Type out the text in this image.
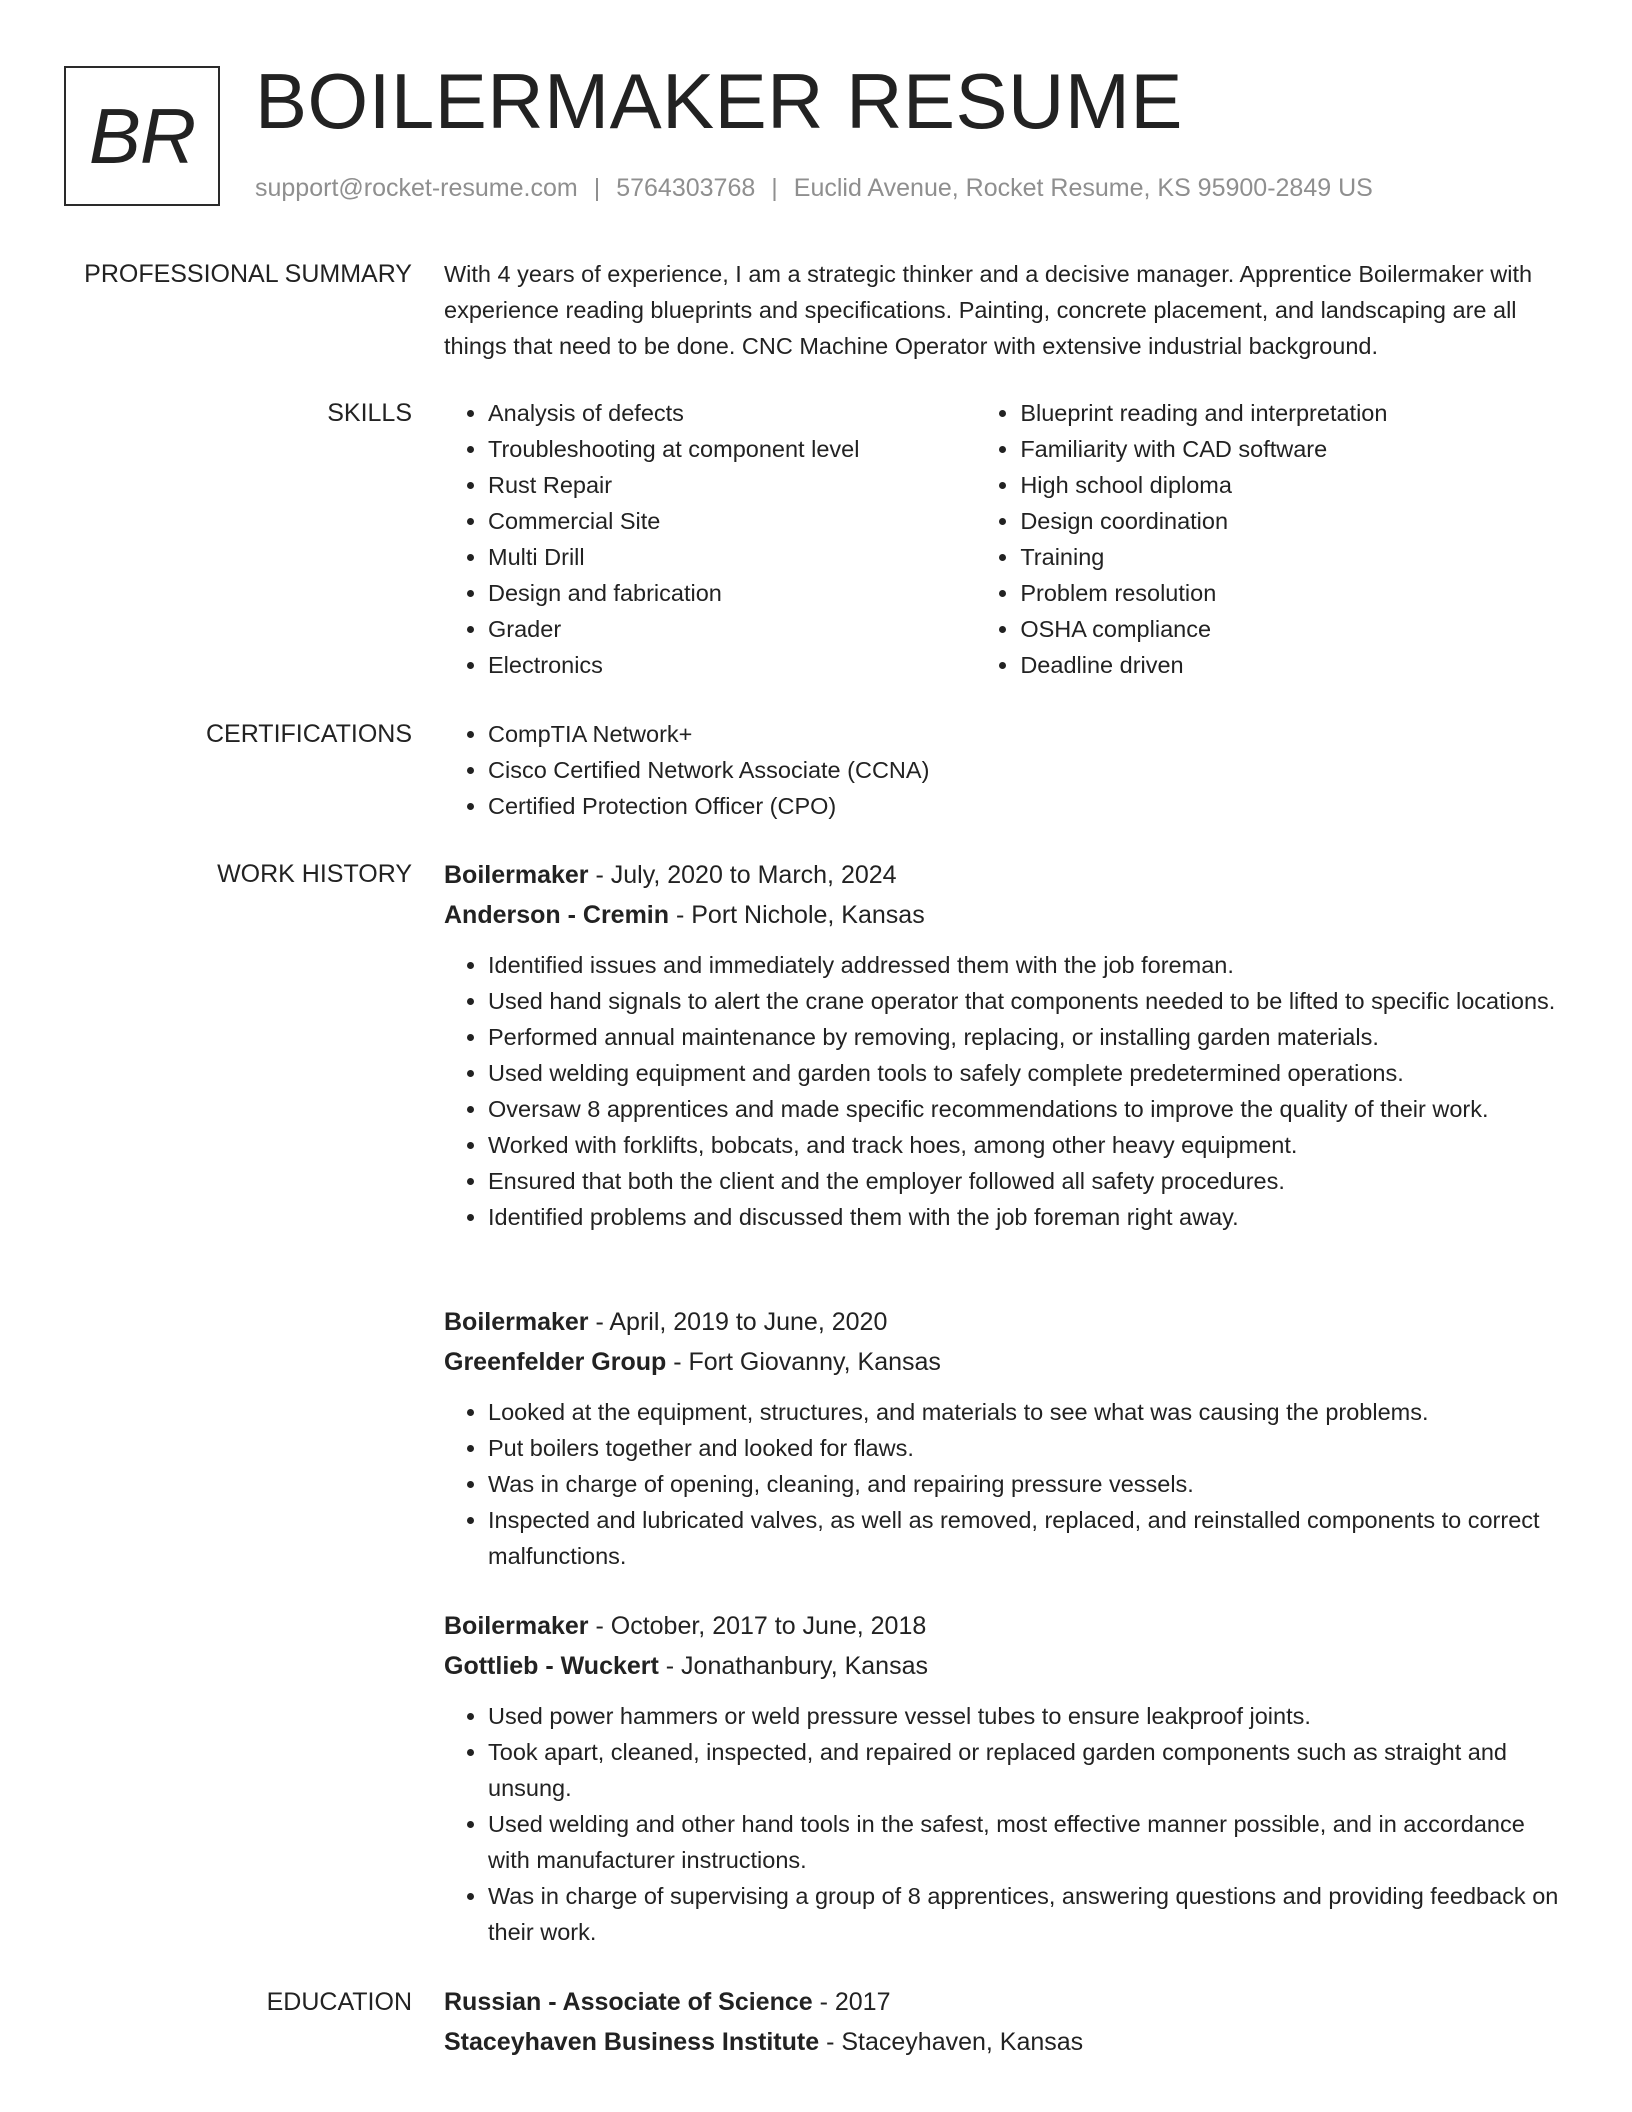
BR BOILERMAKER RESUME
support@rocket-resume.com | 5764303768 | Euclid Avenue, Rocket Resume, KS 95900-2849 US
PROFESSIONAL SUMMARY With 4 years of experience, I am a strategic thinker and a decisive manager. Apprentice Boilermaker with experience reading blueprints and specifications. Painting, concrete placement, and landscaping are all things that need to be done. CNC Machine Operator with extensive industrial background.
SKILLS	• Analysis of defects
• Troubleshooting at component level
• Rust Repair
• Commercial Site
• Multi Drill
• Design and fabrication
• Grader
• Electronics
• Blueprint reading and interpretation
• Familiarity with CAD software
• High school diploma
• Design coordination
• Training
• Problem resolution
• OSHA compliance
• Deadline driven
CERTIFICATIONS	• CompTIA Network+
• Cisco Certified Network Associate (CCNA)
• Certified Protection Officer (CPO)
WORK HISTORY Boilermaker - July, 2020 to March, 2024
Anderson - Cremin - Port Nichole, Kansas
• Identified issues and immediately addressed them with the job foreman.
• Used hand signals to alert the crane operator that components needed to be lifted to specific locations.
• Performed annual maintenance by removing, replacing, or installing garden materials.
• Used welding equipment and garden tools to safely complete predetermined operations.
• Oversaw 8 apprentices and made specific recommendations to improve the quality of their work.
• Worked with forklifts, bobcats, and track hoes, among other heavy equipment.
• Ensured that both the client and the employer followed all safety procedures.
• Identified problems and discussed them with the job foreman right away.
Boilermaker - April, 2019 to June, 2020
Greenfelder Group - Fort Giovanny, Kansas
• Looked at the equipment, structures, and materials to see what was causing the problems.
• Put boilers together and looked for flaws.
• Was in charge of opening, cleaning, and repairing pressure vessels.
• Inspected and lubricated valves, as well as removed, replaced, and reinstalled components to correct malfunctions.
Boilermaker - October, 2017 to June, 2018
Gottlieb - Wuckert - Jonathanbury, Kansas
• Used power hammers or weld pressure vessel tubes to ensure leakproof joints.
• Took apart, cleaned, inspected, and repaired or replaced garden components such as straight and unsung.
• Used welding and other hand tools in the safest, most effective manner possible, and in accordance with manufacturer instructions.
• Was in charge of supervising a group of 8 apprentices, answering questions and providing feedback on their work.
EDUCATION Russian - Associate of Science - 2017
Staceyhaven Business Institute - Staceyhaven, Kansas
